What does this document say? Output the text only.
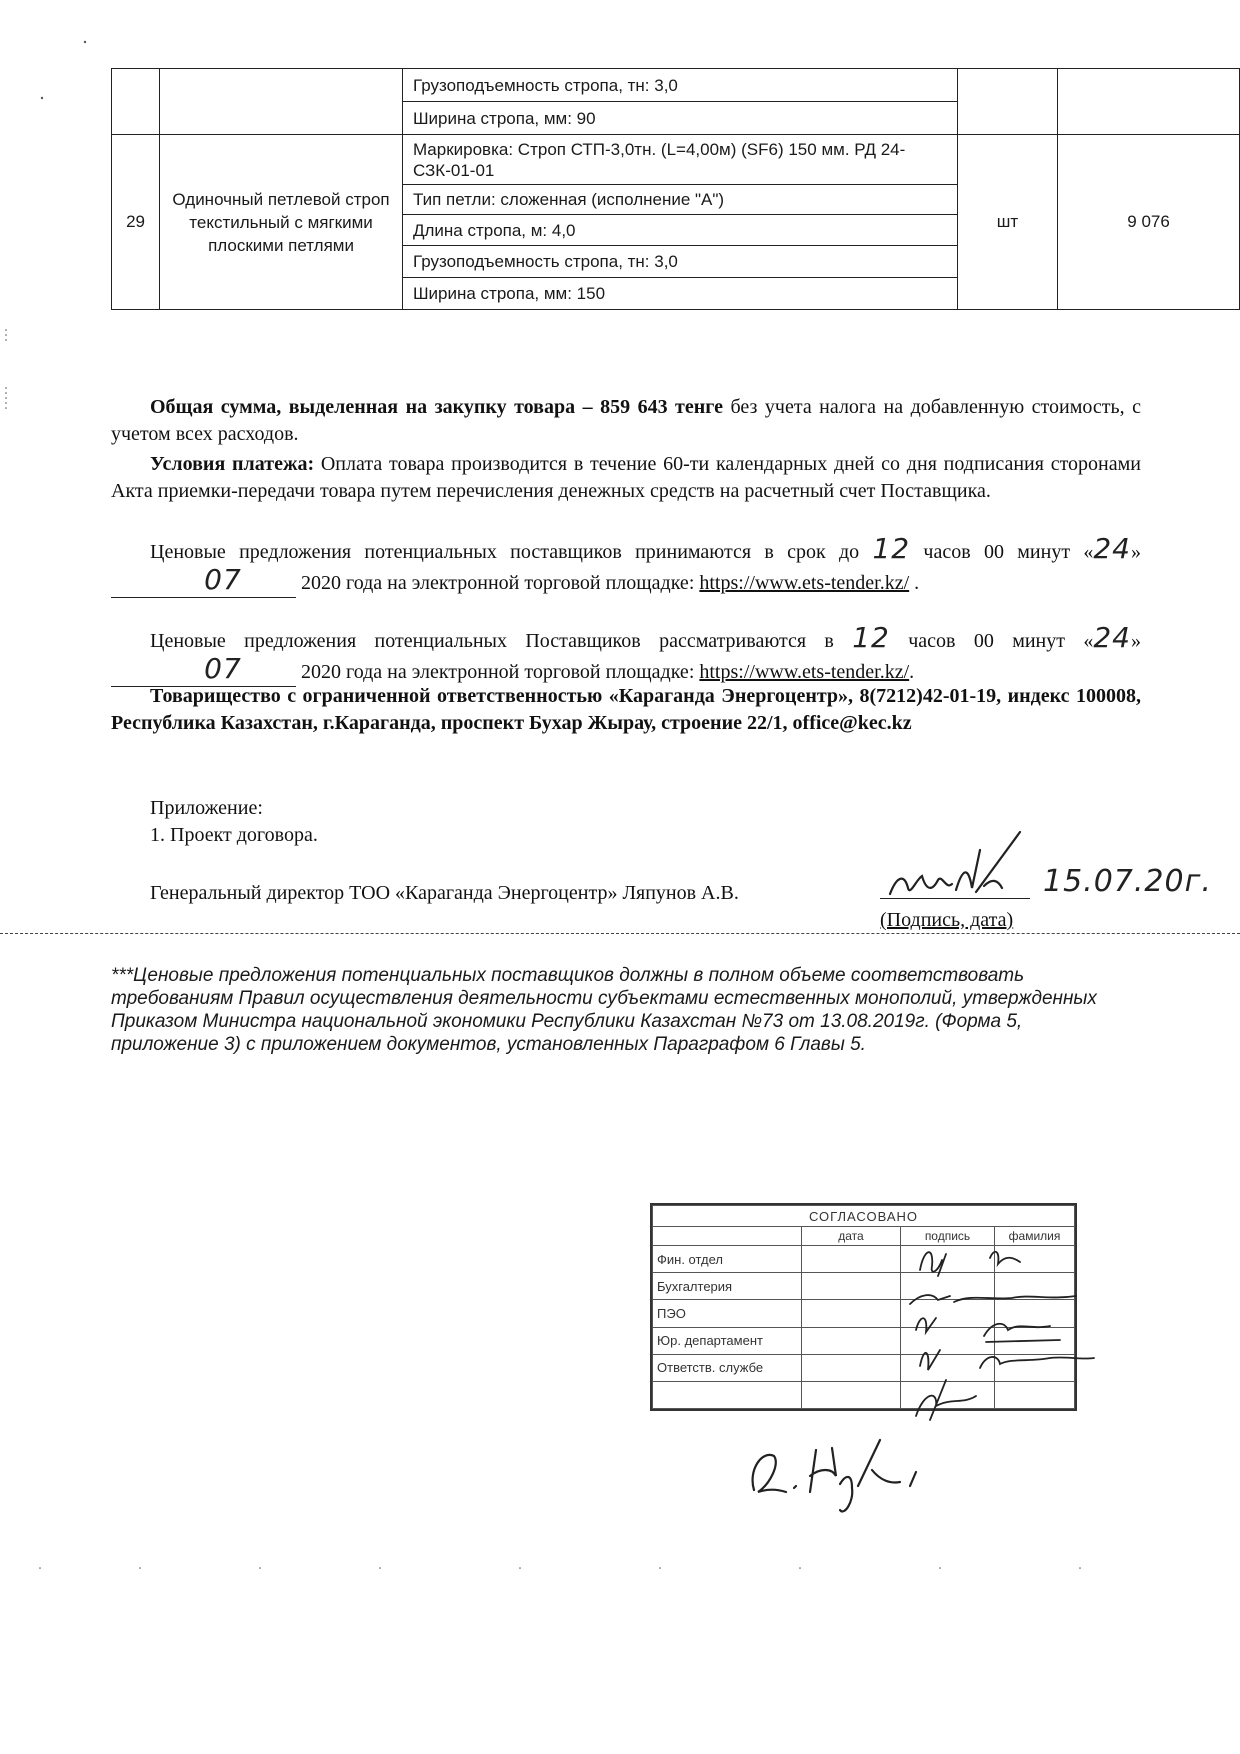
		Грузоподъемность стропа, тн: 3,0		
		Ширина стропа, мм: 90		
29	Одиночный петлевой строп текстильный с мягкими плоскими петлями	Маркировка: Строп СТП-3,0тн. (L=4,00м) (SF6) 150 мм. РД 24-СЗК-01-01	шт	9 076
		Тип петли: сложенная (исполнение "А")		
		Длина стропа, м: 4,0		
		Грузоподъемность стропа, тн: 3,0		
		Ширина стропа, мм: 150		
Общая сумма, выделенная на закупку товара – 859 643 тенге без учета налога на добавленную стоимость, с учетом всех расходов.
Условия платежа: Оплата товара производится в течение 60-ти календарных дней со дня подписания сторонами Акта приемки-передачи товара путем перечисления денежных средств на расчетный счет Поставщика.
Ценовые предложения потенциальных поставщиков принимаются в срок до 12 часов 00 минут «24» 07	2020 года на электронной торговой площадке: https://www.ets-tender.kz/ .
Ценовые предложения потенциальных Поставщиков рассматриваются в 12 часов 00 минут «24» 07	2020 года на электронной торговой площадке: https://www.ets-tender.kz/.
Товарищество с ограниченной ответственностью «Караганда Энергоцентр», 8(7212)42-01-19, индекс 100008, Республика Казахстан, г.Караганда, проспект Бухар Жырау, строение 22/1, office@kec.kz
Приложение:
1. Проект договора.
Генеральный директор ТОО «Караганда Энергоцентр» Ляпунов А.В.	15.07.20г.
(Подпись, дата)
***Ценовые предложения потенциальных поставщиков должны в полном объеме соответствовать требованиям Правил осуществления деятельности субъектами естественных монополий, утвержденных Приказом Министра национальной экономики Республики Казахстан №73 от 13.08.2019г. (Форма 5, приложение 3) с приложением документов, установленных Параграфом 6 Главы 5.
СОГЛАСОВАНО			
	дата	подпись	фамилия
Фин. отдел			
Бухгалтерия			
ПЭО			
Юр. департамент			
Ответств. службе			
